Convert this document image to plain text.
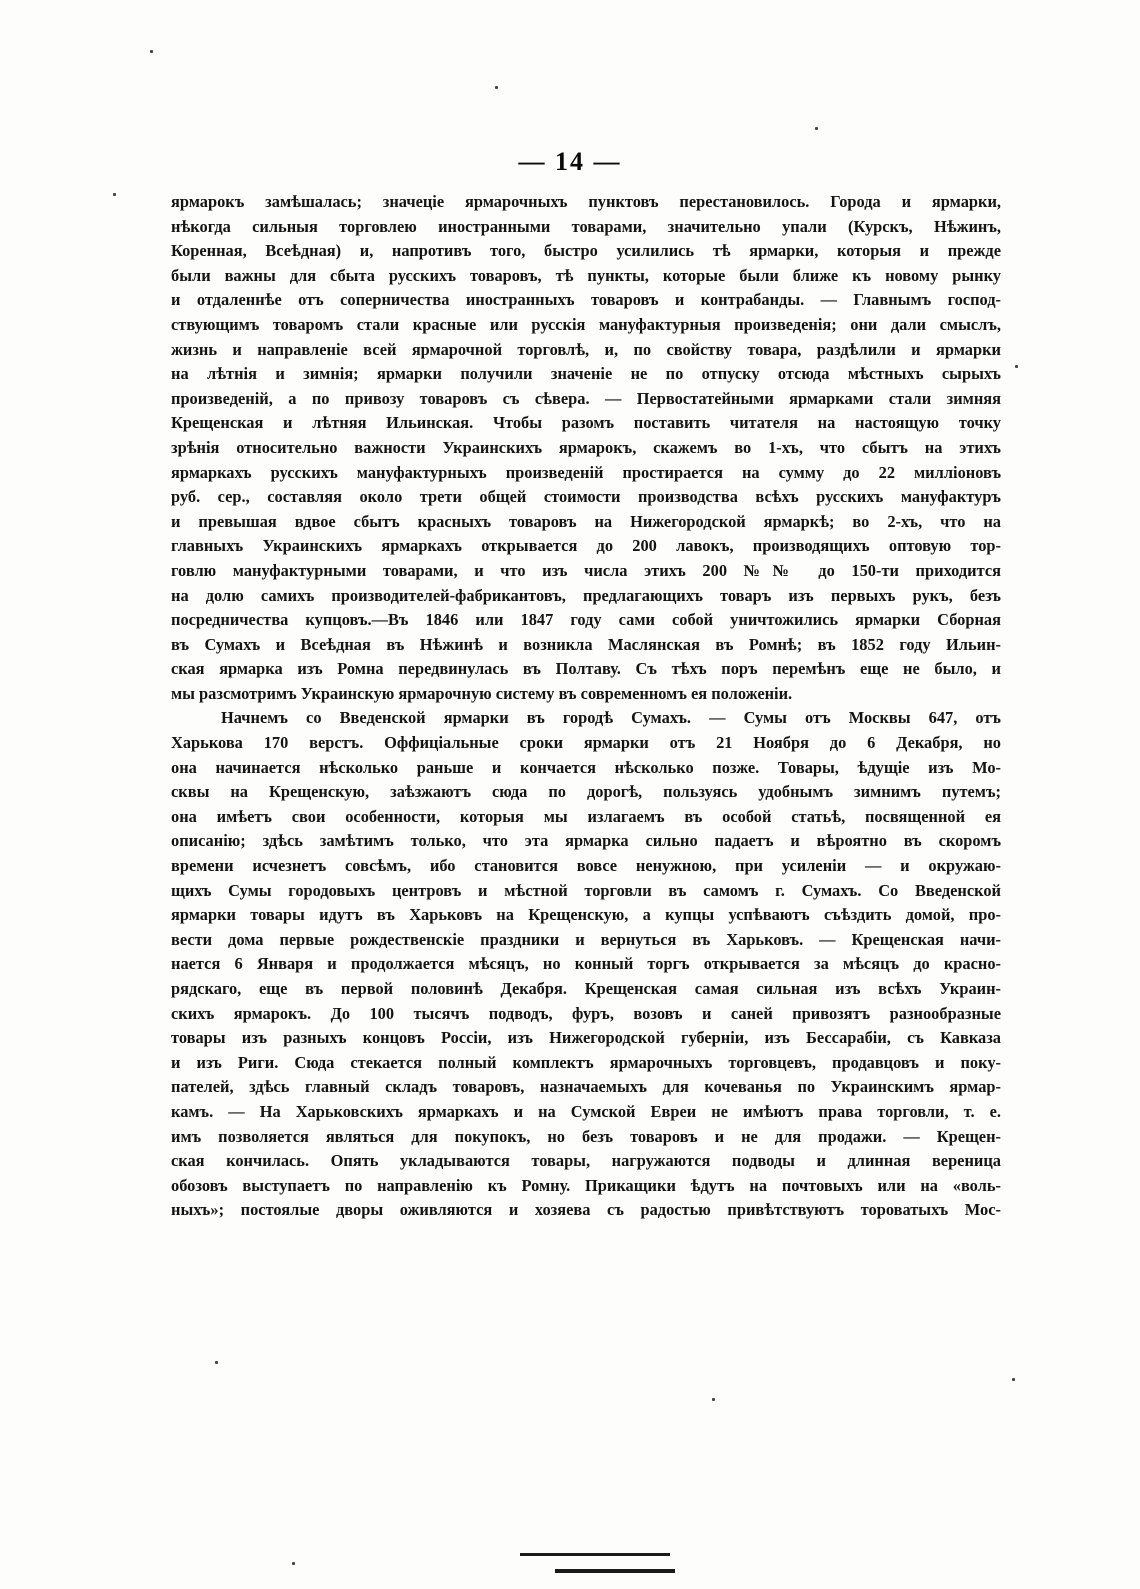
— 14 —
ярмарокъ замѣшалась; значеціе ярмарочныхъ пунктовъ перестановилось. Города и ярмарки,
нѣкогда сильныя торговлею иностранными товарами, значительно упали (Курскъ, Нѣжинъ,
Коренная, Всеѣдная) и, напротивъ того, быстро усилились тѣ ярмарки, которыя и прежде
были важны для сбыта русскихъ товаровъ, тѣ пункты, которые были ближе къ новому рынку
и отдаленнѣе отъ соперничества иностранныхъ товаровъ и контрабанды. — Главнымъ господ-
ствующимъ товаромъ стали красные или русскія мануфактурныя произведенія; они дали смыслъ,
жизнь и направленіе всей ярмарочной торговлѣ, и, по свойству товара, раздѣлили и ярмарки
на лѣтнія и зимнія; ярмарки получили значеніе не по отпуску отсюда мѣстныхъ сырыхъ
произведеній, а по привозу товаровъ съ сѣвера. — Первостатейными ярмарками стали зимняя
Крещенская и лѣтняя Ильинская. Чтобы разомъ поставить читателя на настоящую точку
зрѣнія относительно важности Украинскихъ ярмарокъ, скажемъ во 1-хъ, что сбытъ на этихъ
ярмаркахъ русскихъ мануфактурныхъ произведеній простирается на сумму до 22 милліоновъ
руб. сер., составляя около трети общей стоимости производства всѣхъ русскихъ мануфактуръ
и превышая вдвое сбытъ красныхъ товаровъ на Нижегородской ярмаркѣ; во 2-хъ, что на
главныхъ Украинскихъ ярмаркахъ открывается до 200 лавокъ, производящихъ оптовую тор-
говлю мануфактурными товарами, и что изъ числа этихъ 200 №№ до 150-ти приходится
на долю самихъ производителей-фабрикантовъ, предлагающихъ товаръ изъ первыхъ рукъ, безъ
посредничества купцовъ.—Въ 1846 или 1847 году сами собой уничтожились ярмарки Сборная
въ Сумахъ и Всеѣдная въ Нѣжинѣ и возникла Маслянская въ Ромнѣ; въ 1852 году Ильин-
ская ярмарка изъ Ромна передвинулась въ Полтаву. Съ тѣхъ поръ перемѣнъ еще не было, и
мы разсмотримъ Украинскую ярмарочную систему въ современномъ ея положеніи.
Начнемъ со Введенской ярмарки въ городѣ Сумахъ. — Сумы отъ Москвы 647, отъ
Харькова 170 верстъ. Оффиціальные сроки ярмарки отъ 21 Ноября до 6 Декабря, но
она начинается нѣсколько раньше и кончается нѣсколько позже. Товары, ѣдущіе изъ Мо-
сквы на Крещенскую, заѣзжаютъ сюда по дорогѣ, пользуясь удобнымъ зимнимъ путемъ;
она имѣетъ свои особенности, которыя мы излагаемъ въ особой статьѣ, посвященной ея
описанію; здѣсь замѣтимъ только, что эта ярмарка сильно падаетъ и вѣроятно въ скоромъ
времени исчезнетъ совсѣмъ, ибо становится вовсе ненужною, при усиленіи — и окружаю-
щихъ Сумы городовыхъ центровъ и мѣстной торговли въ самомъ г. Сумахъ. Со Введенской
ярмарки товары идутъ въ Харьковъ на Крещенскую, а купцы успѣваютъ съѣздить домой, про-
вести дома первые рождественскіе праздники и вернуться въ Харьковъ. — Крещенская начи-
нается 6 Января и продолжается мѣсяцъ, но конный торгъ открывается за мѣсяцъ до красно-
рядскаго, еще въ первой половинѣ Декабря. Крещенская самая сильная изъ всѣхъ Украин-
скихъ ярмарокъ. До 100 тысячъ подводъ, фуръ, возовъ и саней привозятъ разнообразные
товары изъ разныхъ концовъ Россіи, изъ Нижегородской губерніи, изъ Бессарабіи, съ Кавказа
и изъ Риги. Сюда стекается полный комплектъ ярмарочныхъ торговцевъ, продавцовъ и поку-
пателей, здѣсь главный складъ товаровъ, назначаемыхъ для кочеванья по Украинскимъ ярмар-
камъ. — На Харьковскихъ ярмаркахъ и на Сумской Евреи не имѣютъ права торговли, т. е.
имъ позволяется являться для покупокъ, но безъ товаровъ и не для продажи. — Крещен-
ская кончилась. Опять укладываются товары, нагружаются подводы и длинная вереница
обозовъ выступаетъ по направленію къ Ромну. Прикащики ѣдутъ на почтовыхъ или на «воль-
ныхъ»; постоялые дворы оживляются и хозяева съ радостью привѣтствуютъ тороватыхъ Мос-
